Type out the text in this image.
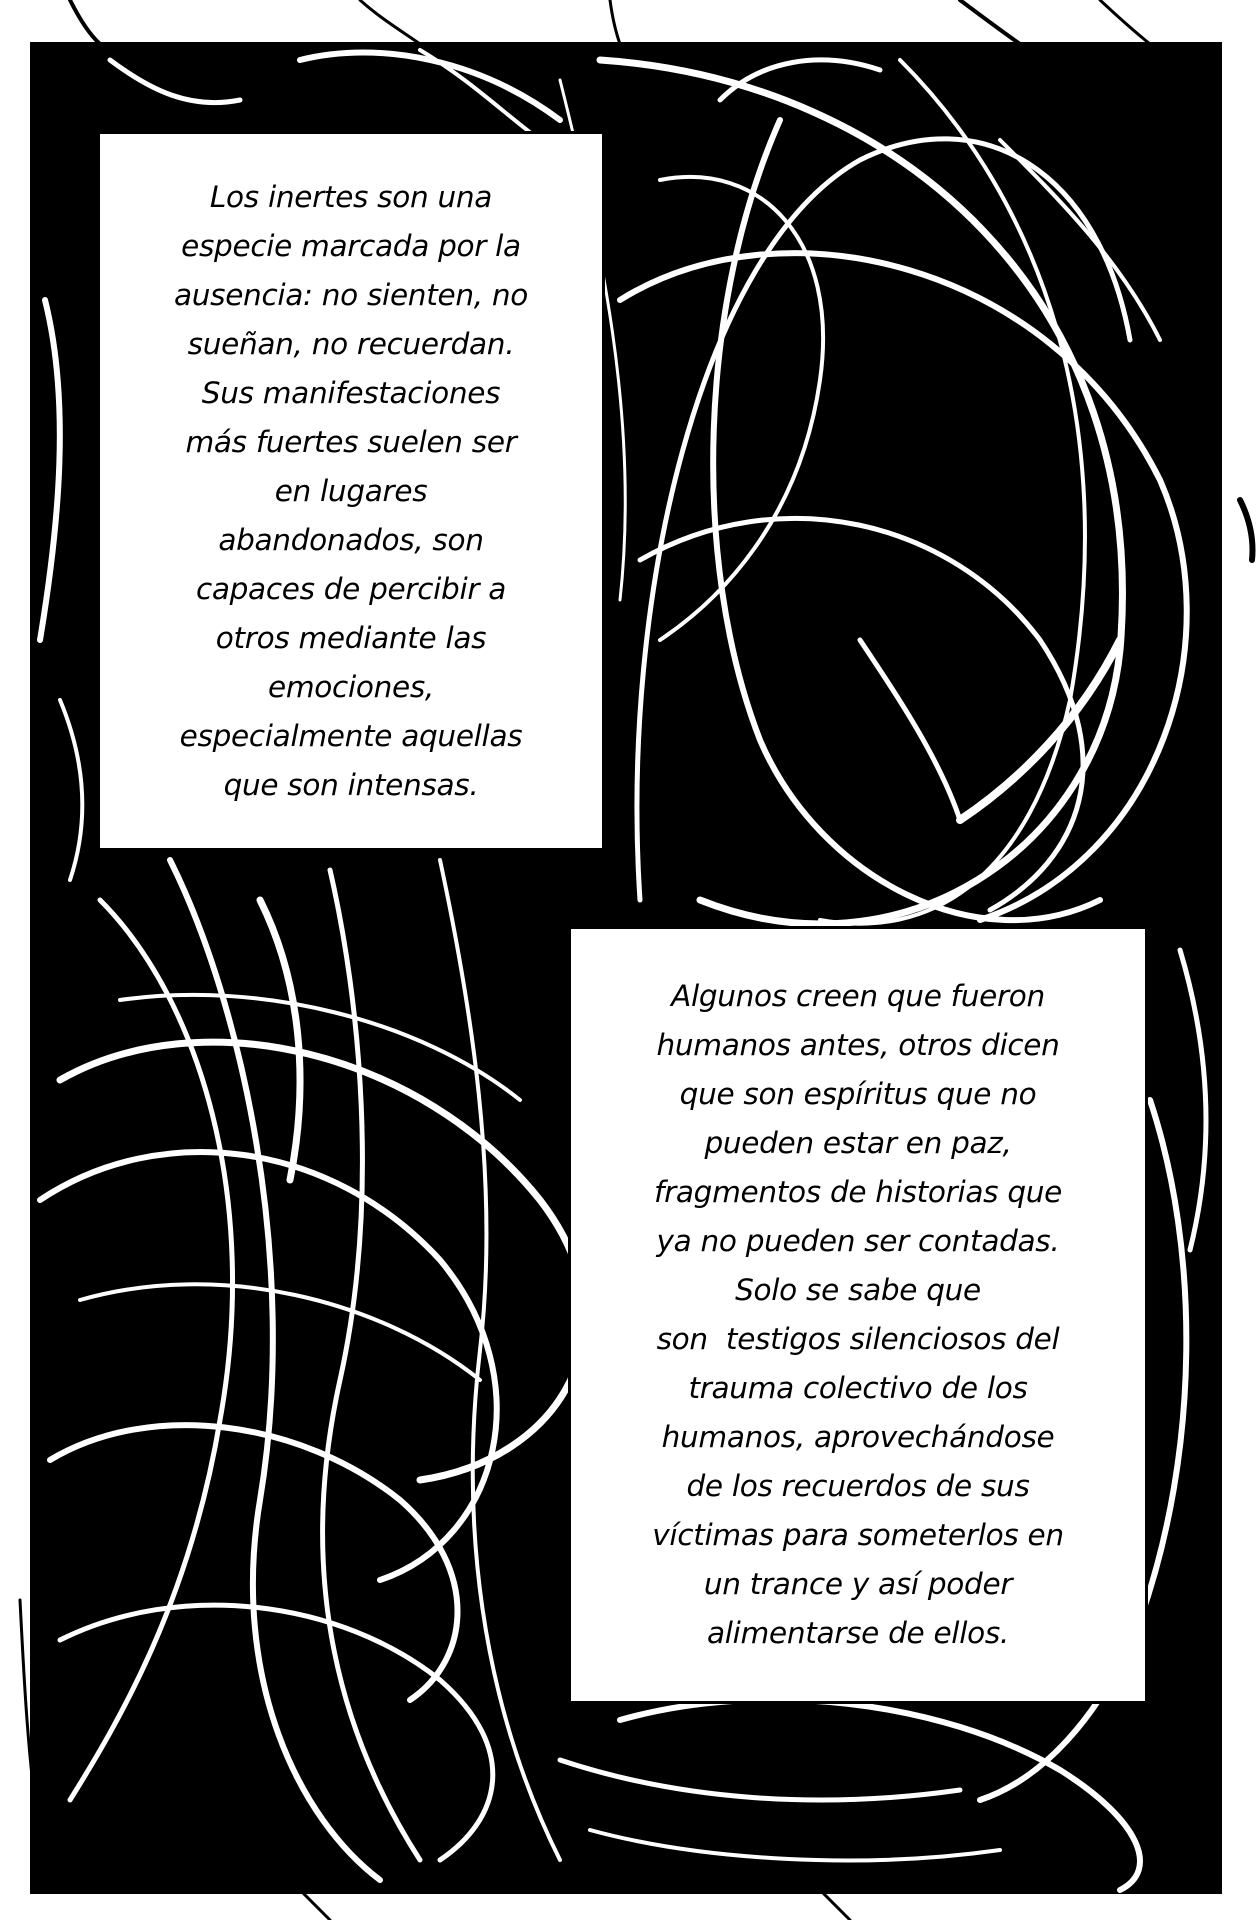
Los inertes son una
especie marcada por la
ausencia: no sienten, no
sueñan, no recuerdan.
Sus manifestaciones
más fuertes suelen ser
en lugares
abandonados, son
capaces de percibir a
otros mediante las
emociones,
especialmente aquellas
que son intensas.

Algunos creen que fueron
humanos antes, otros dicen
que son espíritus que no
pueden estar en paz,
fragmentos de historias que
ya no pueden ser contadas.
Solo se sabe que
son  testigos silenciosos del
trauma colectivo de los
humanos, aprovechándose
de los recuerdos de sus
víctimas para someterlos en
un trance y así poder
alimentarse de ellos.
